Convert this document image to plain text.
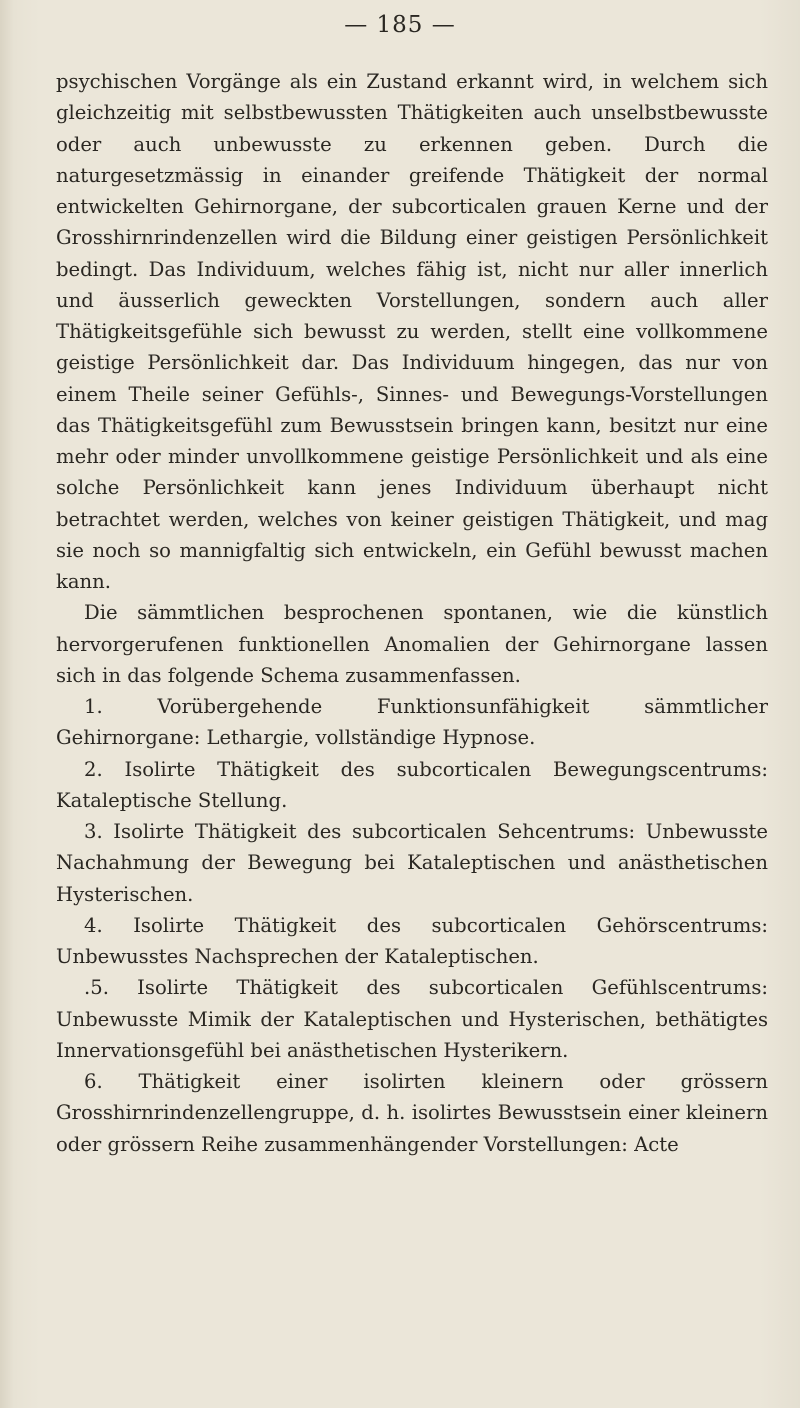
— 185 —

psychischen Vorgänge als ein Zustand erkannt wird, in welchem sich gleichzeitig mit selbstbewussten Thätigkeiten auch unselbstbewusste oder auch unbewusste zu erkennen geben. Durch die naturgesetzmässig in einander greifende Thätigkeit der normal entwickelten Gehirnorgane, der subcorticalen grauen Kerne und der Grosshirnrindenzellen wird die Bildung einer geistigen Persönlichkeit bedingt. Das Individuum, welches fähig ist, nicht nur aller innerlich und äusserlich geweckten Vorstellungen, sondern auch aller Thätigkeitsgefühle sich bewusst zu werden, stellt eine vollkommene geistige Persönlichkeit dar. Das Individuum hingegen, das nur von einem Theile seiner Gefühls-, Sinnes- und Bewegungs-Vorstellungen das Thätigkeitsgefühl zum Bewusstsein bringen kann, besitzt nur eine mehr oder minder unvollkommene geistige Persönlichkeit und als eine solche Persönlichkeit kann jenes Individuum überhaupt nicht betrachtet werden, welches von keiner geistigen Thätigkeit, und mag sie noch so mannigfaltig sich entwickeln, ein Gefühl bewusst machen kann.

Die sämmtlichen besprochenen spontanen, wie die künstlich hervorgerufenen funktionellen Anomalien der Gehirnorgane lassen sich in das folgende Schema zusammenfassen.

1. Vorübergehende Funktionsunfähigkeit sämmtlicher Gehirnorgane: Lethargie, vollständige Hypnose.

2. Isolirte Thätigkeit des subcorticalen Bewegungscentrums: Kataleptische Stellung.

3. Isolirte Thätigkeit des subcorticalen Sehcentrums: Unbewusste Nachahmung der Bewegung bei Kataleptischen und anästhetischen Hysterischen.

4. Isolirte Thätigkeit des subcorticalen Gehörscentrums: Unbewusstes Nachsprechen der Kataleptischen.

.5. Isolirte Thätigkeit des subcorticalen Gefühlscentrums: Unbewusste Mimik der Kataleptischen und Hysterischen, bethätigtes Innervationsgefühl bei anästhetischen Hysterikern.

6. Thätigkeit einer isolirten kleinern oder grössern Grosshirnrindenzellengruppe, d. h. isolirtes Bewusstsein einer kleinern oder grössern Reihe zusammenhängender Vorstellungen: Acte
